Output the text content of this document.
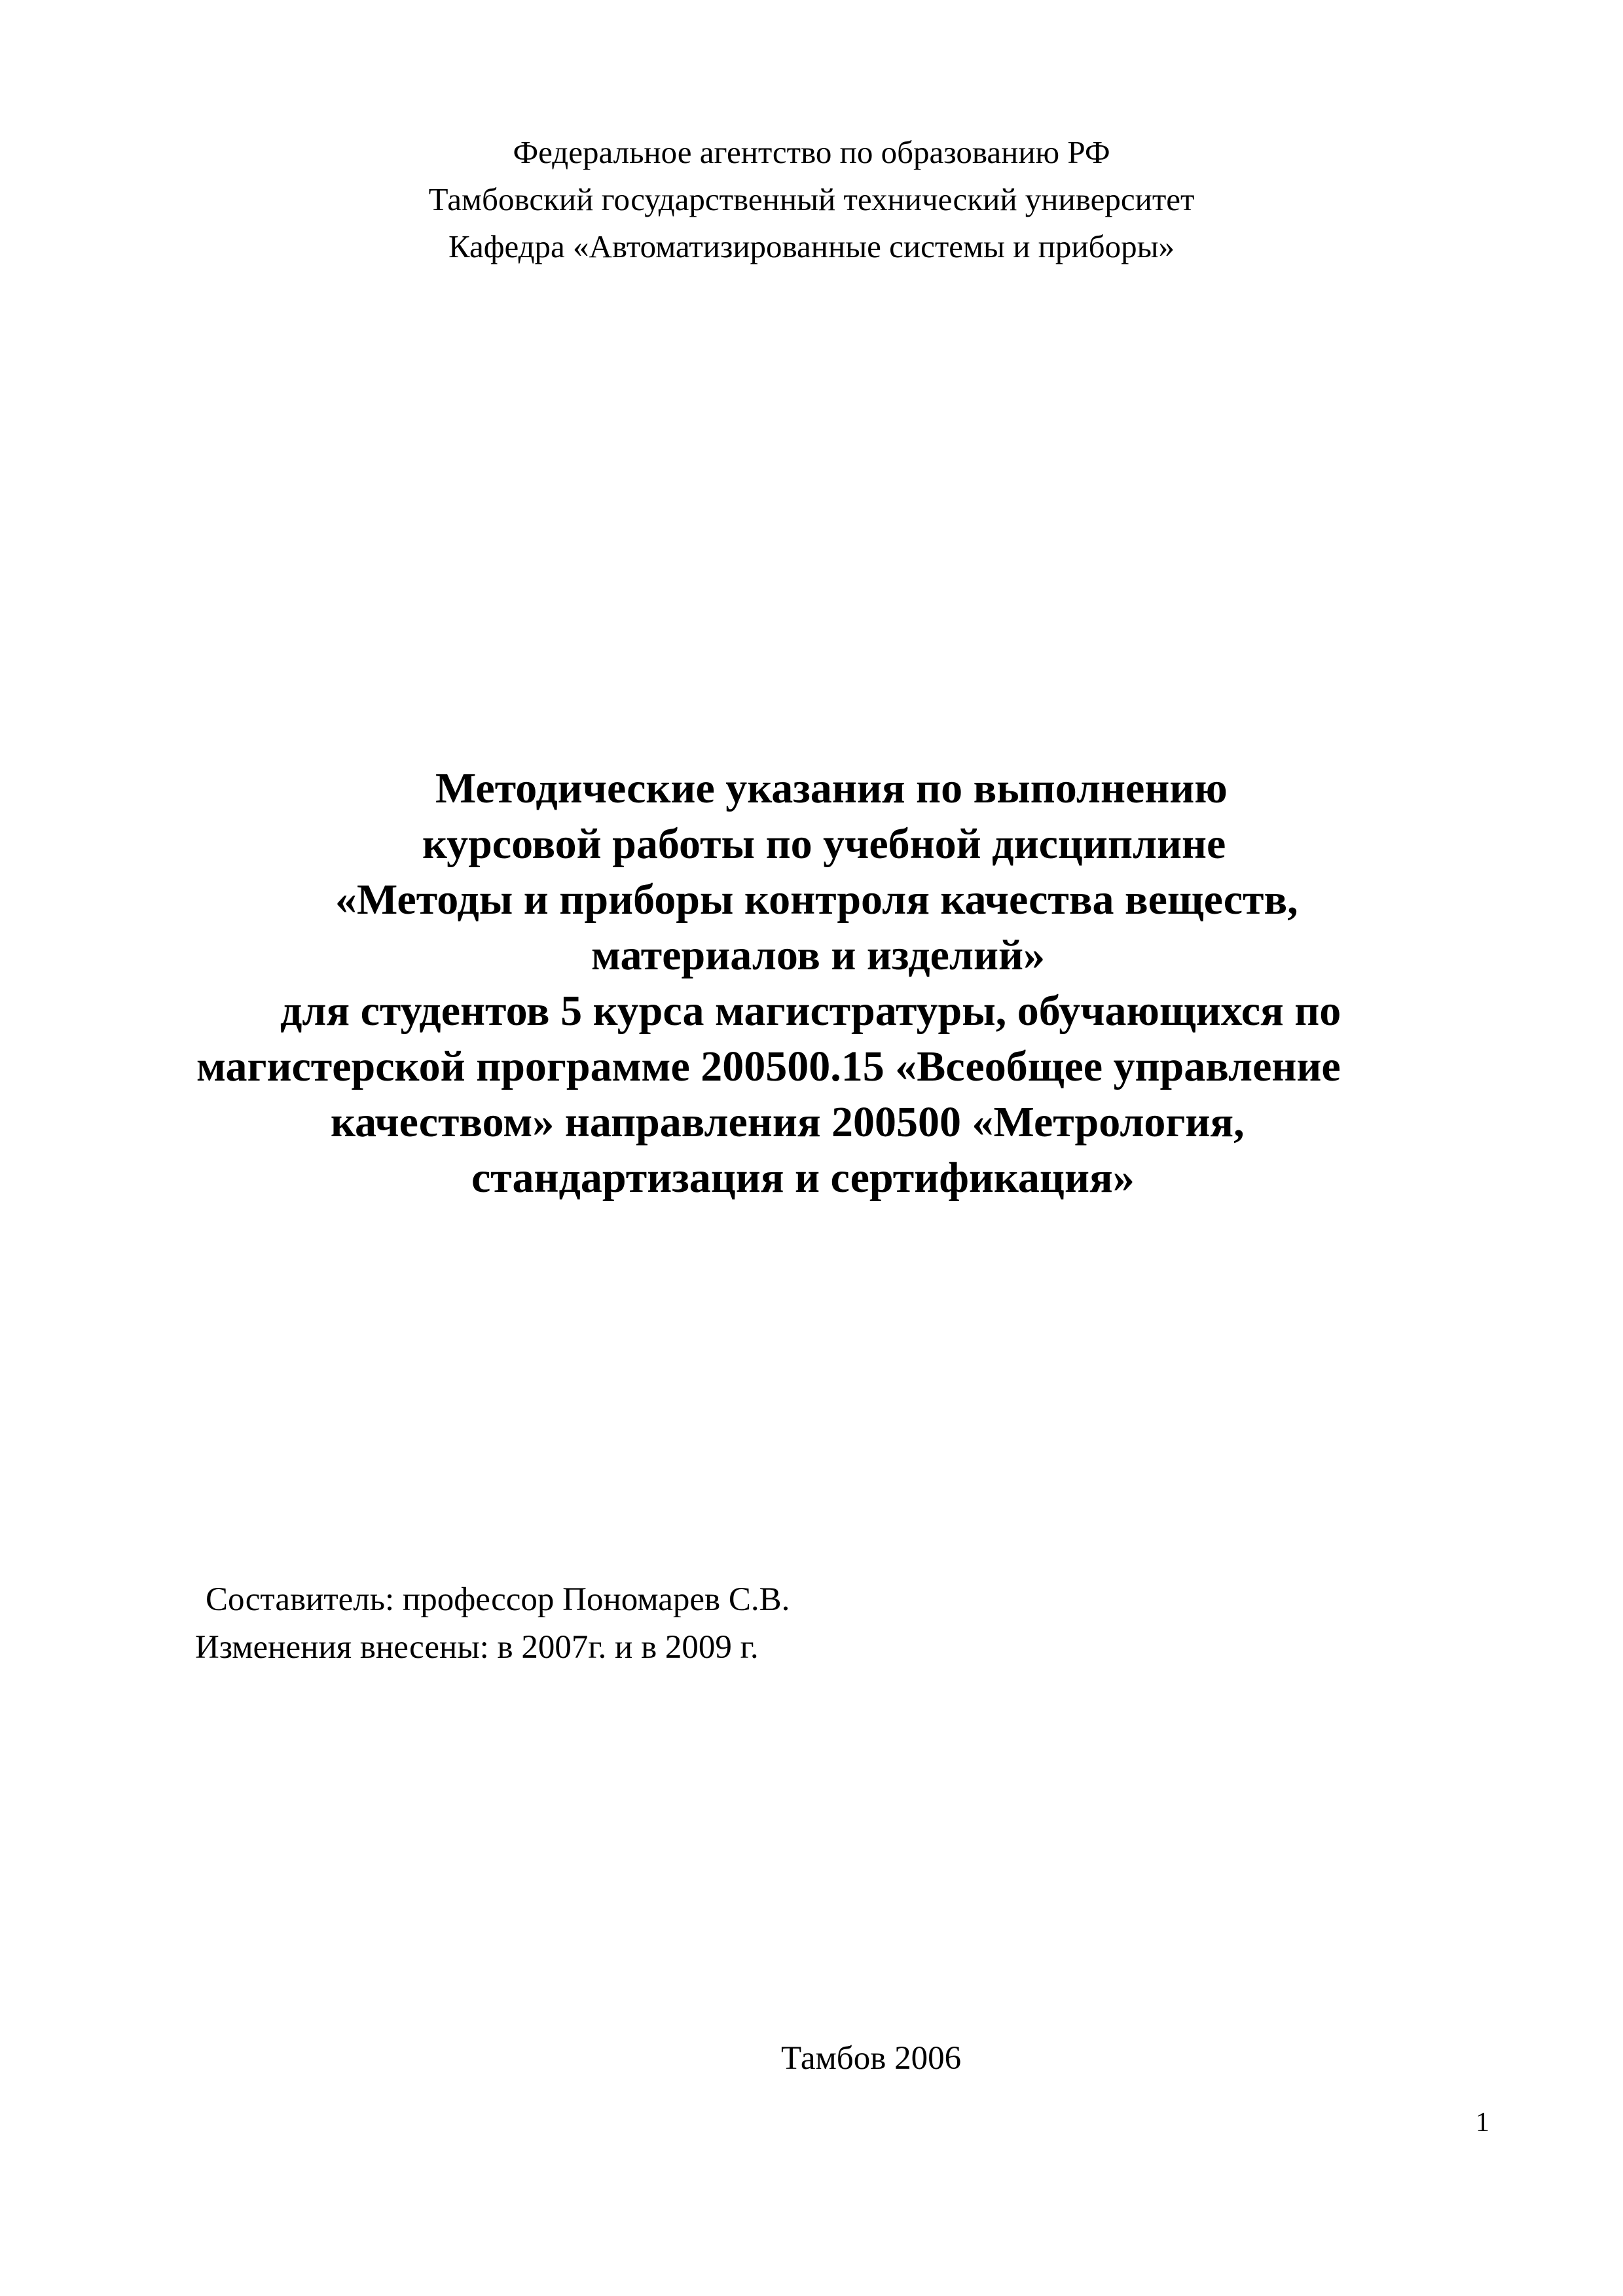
Федеральное агентство по образованию РФ
Тамбовский государственный технический университет
Кафедра «Автоматизированные системы и приборы»
Методические указания по выполнению
курсовой работы по учебной дисциплине
«Методы и приборы контроля качества веществ,
материалов и изделий»
для студентов 5 курса магистратуры, обучающихся по
магистерской программе 200500.15 «Всеобщее управление
качеством» направления 200500 «Метрология,
стандартизация и сертификация»
Составитель: профессор Пономарев С.В.
Изменения внесены: в 2007г. и в 2009 г.
Тамбов 2006
1
